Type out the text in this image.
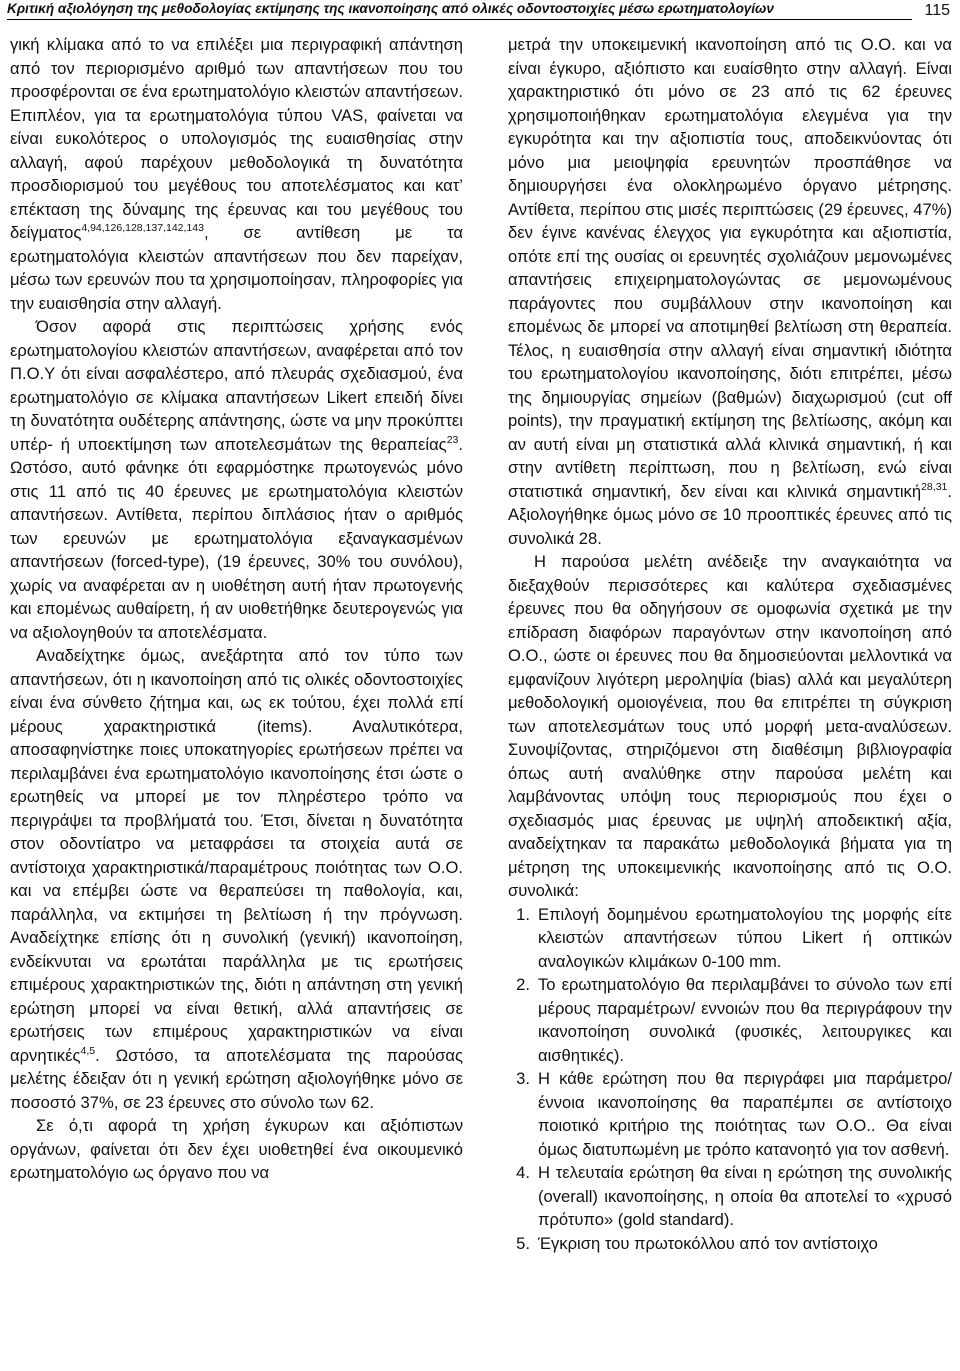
Κριτική αξιολόγηση της μεθοδολογίας εκτίμησης της ικανοποίησης από ολικές οδοντοστοιχίες μέσω ερωτηματολογίων	115

γική κλίμακα από το να επιλέξει μια περιγραφική απάντηση από τον περιορισμένο αριθμό των απαντήσεων που του προσφέρονται σε ένα ερωτηματολόγιο κλειστών απαντήσεων. Επιπλέον, για τα ερωτηματολόγια τύπου VAS, φαίνεται να είναι ευκολότερος ο υπολογισμός της ευαισθησίας στην αλλαγή, αφού παρέχουν μεθοδολογικά τη δυνατότητα προσδιορισμού του μεγέθους του αποτελέσματος και κατ’ επέκταση της δύναμης της έρευνας και του μεγέθους του δείγματος$^{4,94,126,128,137,142,143}$, σε αντίθεση με τα ερωτηματολόγια κλειστών απαντήσεων που δεν παρείχαν, μέσω των ερευνών που τα χρησιμοποίησαν, πληροφορίες για την ευαισθησία στην αλλαγή.

Όσον αφορά στις περιπτώσεις χρήσης ενός ερωτηματολογίου κλειστών απαντήσεων, αναφέρεται από τον Π.Ο.Υ ότι είναι ασφαλέστερο, από πλευράς σχεδιασμού, ένα ερωτηματολόγιο σε κλίμακα απαντήσεων Likert επειδή δίνει τη δυνατότητα ουδέτερης απάντησης, ώστε να μην προκύπτει υπέρ- ή υποεκτίμηση των αποτελεσμάτων της θεραπείας$^{23}$. Ωστόσο, αυτό φάνηκε ότι εφαρμόστηκε πρωτογενώς μόνο στις 11 από τις 40 έρευνες με ερωτηματολόγια κλειστών απαντήσεων. Αντίθετα, περίπου διπλάσιος ήταν ο αριθμός των ερευνών με ερωτηματολόγια εξαναγκασμένων απαντήσεων (forced-type), (19 έρευνες, 30% του συνόλου), χωρίς να αναφέρεται αν η υιοθέτηση αυτή ήταν πρωτογενής και επομένως αυθαίρετη, ή αν υιοθετήθηκε δευτερογενώς για να αξιολογηθούν τα αποτελέσματα.

Αναδείχτηκε όμως, ανεξάρτητα από τον τύπο των απαντήσεων, ότι η ικανοποίηση από τις ολικές οδοντοστοιχίες είναι ένα σύνθετο ζήτημα και, ως εκ τούτου, έχει πολλά επί μέρους χαρακτηριστικά (items). Αναλυτικότερα, αποσαφηνίστηκε ποιες υποκατηγορίες ερωτήσεων πρέπει να περιλαμβάνει ένα ερωτηματολόγιο ικανοποίησης έτσι ώστε ο ερωτηθείς να μπορεί με τον πληρέστερο τρόπο να περιγράψει τα προβλήματά του. Έτσι, δίνεται η δυνατότητα στον οδοντίατρο να μεταφράσει τα στοιχεία αυτά σε αντίστοιχα χαρακτηριστικά/παραμέτρους ποιότητας των Ο.Ο. και να επέμβει ώστε να θεραπεύσει τη παθολογία, και, παράλληλα, να εκτιμήσει τη βελτίωση ή την πρόγνωση. Αναδείχτηκε επίσης ότι η συνολική (γενική) ικανοποίηση, ενδείκνυται να ερωτάται παράλληλα με τις ερωτήσεις επιμέρους χαρακτηριστικών της, διότι η απάντηση στη γενική ερώτηση μπορεί να είναι θετική, αλλά απαντήσεις σε ερωτήσεις των επιμέρους χαρακτηριστικών να είναι αρνητικές$^{4,5}$. Ωστόσο, τα αποτελέσματα της παρούσας μελέτης έδειξαν ότι η γενική ερώτηση αξιολογήθηκε μόνο σε ποσοστό 37%, σε 23 έρευνες στο σύνολο των 62.

Σε ό,τι αφορά τη χρήση έγκυρων και αξιόπιστων οργάνων, φαίνεται ότι δεν έχει υιοθετηθεί ένα οικουμενικό ερωτηματολόγιο ως όργανο που να

μετρά την υποκειμενική ικανοποίηση από τις Ο.Ο. και να είναι έγκυρο, αξιόπιστο και ευαίσθητο στην αλλαγή. Είναι χαρακτηριστικό ότι μόνο σε 23 από τις 62 έρευνες χρησιμοποιήθηκαν ερωτηματολόγια ελεγμένα για την εγκυρότητα και την αξιοπιστία τους, αποδεικνύοντας ότι μόνο μια μειοψηφία ερευνητών προσπάθησε να δημιουργήσει ένα ολοκληρωμένο όργανο μέτρησης. Αντίθετα, περίπου στις μισές περιπτώσεις (29 έρευνες, 47%) δεν έγινε κανένας έλεγχος για εγκυρότητα και αξιοπιστία, οπότε επί της ουσίας οι ερευνητές σχολιάζουν μεμονωμένες απαντήσεις επιχειρηματολογώντας σε μεμονωμένους παράγοντες που συμβάλλουν στην ικανοποίηση και επομένως δε μπορεί να αποτιμηθεί βελτίωση στη θεραπεία. Τέλος, η ευαισθησία στην αλλαγή είναι σημαντική ιδιότητα του ερωτηματολογίου ικανοποίησης, διότι επιτρέπει, μέσω της δημιουργίας σημείων (βαθμών) διαχωρισμού (cut off points), την πραγματική εκτίμηση της βελτίωσης, ακόμη και αν αυτή είναι μη στατιστικά αλλά κλινικά σημαντική, ή και στην αντίθετη περίπτωση, που η βελτίωση, ενώ είναι στατιστικά σημαντική, δεν είναι και κλινικά σημαντική$^{28,31}$. Αξιολογήθηκε όμως μόνο σε 10 προοπτικές έρευνες από τις συνολικά 28.

Η παρούσα μελέτη ανέδειξε την αναγκαιότητα να διεξαχθούν περισσότερες και καλύτερα σχεδιασμένες έρευνες που θα οδηγήσουν σε ομοφωνία σχετικά με την επίδραση διαφόρων παραγόντων στην ικανοποίηση από Ο.Ο., ώστε οι έρευνες που θα δημοσιεύονται μελλοντικά να εμφανίζουν λιγότερη μεροληψία (bias) αλλά και μεγαλύτερη μεθοδολογική ομοιογένεια, που θα επιτρέπει τη σύγκριση των αποτελεσμάτων τους υπό μορφή μετα-αναλύσεων. Συνοψίζοντας, στηριζόμενοι στη διαθέσιμη βιβλιογραφία όπως αυτή αναλύθηκε στην παρούσα μελέτη και λαμβάνοντας υπόψη τους περιορισμούς που έχει ο σχεδιασμός μιας έρευνας με υψηλή αποδεικτική αξία, αναδείχτηκαν τα παρακάτω μεθοδολογικά βήματα για τη μέτρηση της υποκειμενικής ικανοποίησης από τις Ο.Ο. συνολικά:

1. Επιλογή δομημένου ερωτηματολογίου της μορφής είτε κλειστών απαντήσεων τύπου Likert ή οπτικών αναλογικών κλιμάκων 0-100 mm.
2. Το ερωτηματολόγιο θα περιλαμβάνει το σύνολο των επί μέρους παραμέτρων/ εννοιών που θα περιγράφουν την ικανοποίηση συνολικά (φυσικές, λειτουργικες και αισθητικές).
3. Η κάθε ερώτηση που θα περιγράφει μια παράμετρο/ έννοια ικανοποίησης θα παραπέμπει σε αντίστοιχο ποιοτικό κριτήριο της ποιότητας των Ο.Ο.. Θα είναι όμως διατυπωμένη με τρόπο κατανοητό για τον ασθενή.
4. Η τελευταία ερώτηση θα είναι η ερώτηση της συνολικής (overall) ικανοποίησης, η οποία θα αποτελεί το «χρυσό πρότυπο» (gold standard).
5. Έγκριση του πρωτοκόλλου από τον αντίστοιχο
